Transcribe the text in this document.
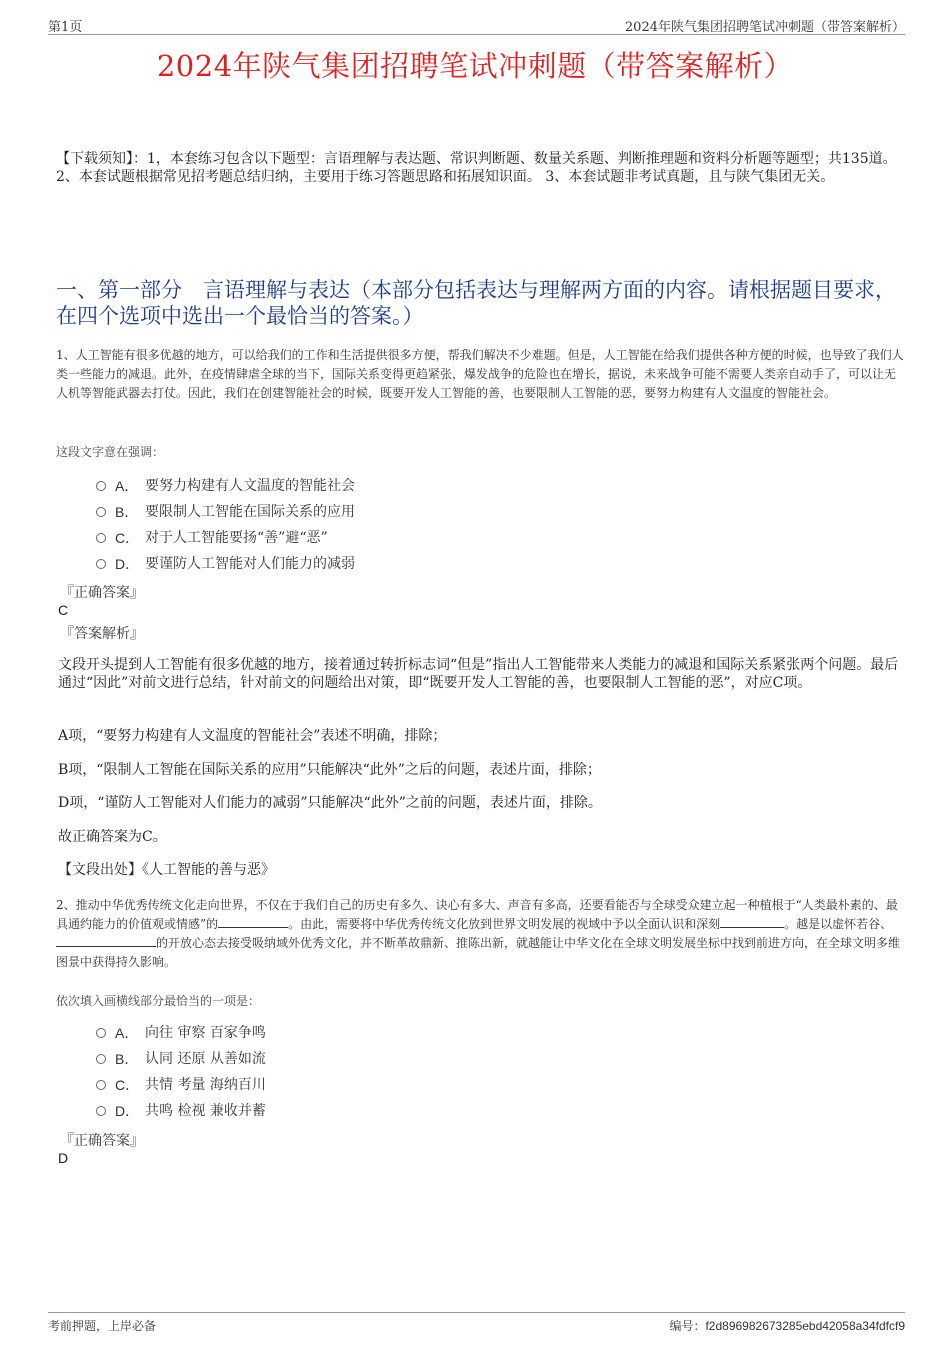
第1页	2024年陕气集团招聘笔试冲刺题（带答案解析）
2024年陕气集团招聘笔试冲刺题（带答案解析）
【下载须知】：1，本套练习包含以下题型：言语理解与表达题、常识判断题、数量关系题、判断推理题和资料分析题等题型；共135道。 2、本套试题根据常见招考题总结归纳，主要用于练习答题思路和拓展知识面。 3、本套试题非考试真题，且与陕气集团无关。
一、第一部分　言语理解与表达（本部分包括表达与理解两方面的内容。请根据题目要求，在四个选项中选出一个最恰当的答案。）
1、人工智能有很多优越的地方，可以给我们的工作和生活提供很多方便，帮我们解决不少难题。但是，人工智能在给我们提供各种方便的时候，也导致了我们人类一些能力的减退。此外，在疫情肆虐全球的当下，国际关系变得更趋紧张，爆发战争的危险也在增长，据说，未来战争可能不需要人类亲自动手了，可以让无人机等智能武器去打仗。因此，我们在创建智能社会的时候，既要开发人工智能的善，也要限制人工智能的恶，要努力构建有人文温度的智能社会。
这段文字意在强调：
A． 要努力构建有人文温度的智能社会
B． 要限制人工智能在国际关系的应用
C． 对于人工智能要扬“善”避“恶”
D． 要谨防人工智能对人们能力的减弱
『正确答案』
C
『答案解析』
文段开头提到人工智能有很多优越的地方，接着通过转折标志词“但是”指出人工智能带来人类能力的减退和国际关系紧张两个问题。最后通过“因此”对前文进行总结，针对前文的问题给出对策，即“既要开发人工智能的善，也要限制人工智能的恶”，对应C项。
A项，“要努力构建有人文温度的智能社会”表述不明确，排除；
B项，“限制人工智能在国际关系的应用”只能解决“此外”之后的问题，表述片面，排除；
D项，“谨防人工智能对人们能力的减弱”只能解决“此外”之前的问题，表述片面，排除。
故正确答案为C。
【文段出处】《人工智能的善与恶》
2、推动中华优秀传统文化走向世界，不仅在于我们自己的历史有多久、诀心有多大、声音有多高，还要看能否与全球受众建立起一种植根于“人类最朴素的、最具通约能力的价值观或情感”的	。由此，需要将中华优秀传统文化放到世界文明发展的视域中予以全面认识和深刻	。越是以虚怀若谷、的开放心态去接受吸纳域外优秀文化，并不断革故鼎新、推陈出新，就越能让中华文化在全球文明发展坐标中找到前进方向，在全球文明多维图景中获得持久影响。
依次填入画横线部分最恰当的一项是：
A． 向往 审察 百家争鸣
B． 认同 还原 从善如流
C． 共情 考量 海纳百川
D． 共鸣 检视 兼收并蓄
『正确答案』
D
考前押题，上岸必备	编号：f2d896982673285ebd42058a34fdfcf9
